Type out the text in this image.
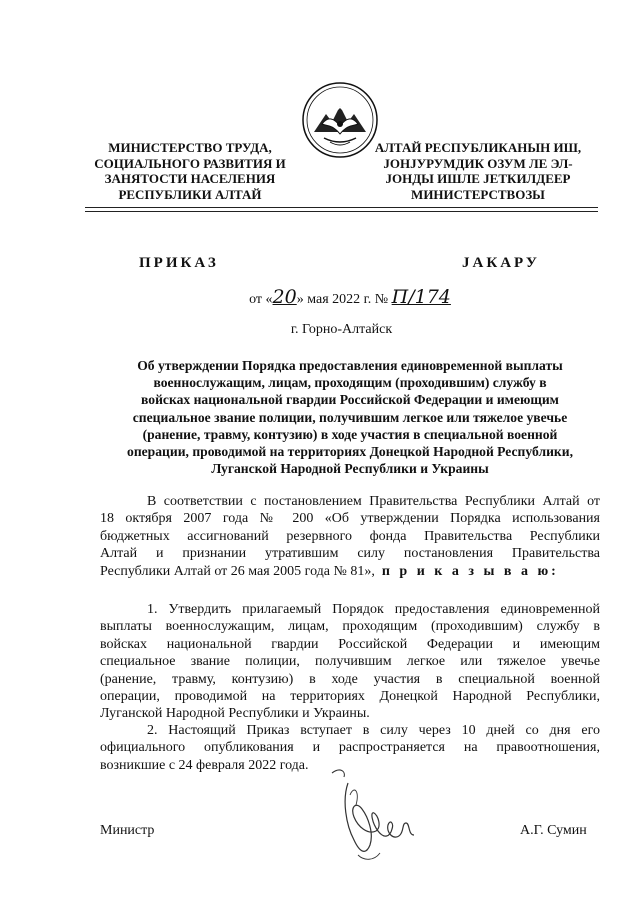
МИНИСТЕРСТВО ТРУДА,
СОЦИАЛЬНОГО РАЗВИТИЯ И
ЗАНЯТОСТИ НАСЕЛЕНИЯ
РЕСПУБЛИКИ АЛТАЙ
АЛТАЙ РЕСПУБЛИКАНЫН ИШ,
JОНJУРУМДИК ОЗУМ ЛЕ ЭЛ-
JОНДЫ ИШЛЕ JЕТКИЛДЕЕР
МИНИСТЕРСТВОЗЫ
ПРИКАЗ	JАКАРУ
от «20» мая 2022 г. № П/174
г. Горно-Алтайск
Об утверждении Порядка предоставления единовременной выплаты
военнослужащим, лицам, проходящим (проходившим) службу в
войсках национальной гвардии Российской Федерации и имеющим
специальное звание полиции, получившим легкое или тяжелое увечье
(ранение, травму, контузию) в ходе участия в специальной военной
операции, проводимой на территориях Донецкой Народной Республики,
Луганской Народной Республики и Украины
В соответствии с постановлением Правительства Республики Алтай от
18 октября 2007 года № 200 «Об утверждении Порядка использования
бюджетных ассигнований резервного фонда Правительства Республики
Алтай и признании утратившим силу постановления Правительства
Республики Алтай от 26 мая 2005 года № 81», п р и к а з ы в а ю:
1. Утвердить прилагаемый Порядок предоставления единовременной
выплаты военнослужащим, лицам, проходящим (проходившим) службу в
войсках национальной гвардии Российской Федерации и имеющим
специальное звание полиции, получившим легкое или тяжелое увечье
(ранение, травму, контузию) в ходе участия в специальной военной
операции, проводимой на территориях Донецкой Народной Республики,
Луганской Народной Республики и Украины.
2. Настоящий Приказ вступает в силу через 10 дней со дня его
официального опубликования и распространяется на правоотношения,
возникшие с 24 февраля 2022 года.
Министр	А.Г. Сумин
